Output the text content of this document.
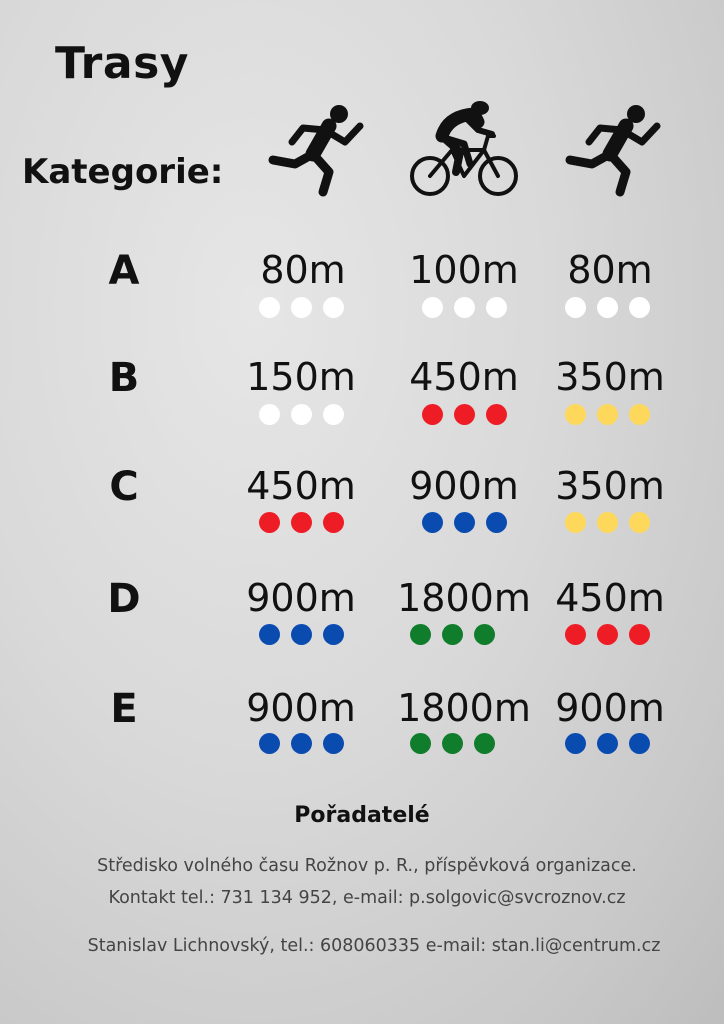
Trasy
Kategorie:
A	80m	100m	80m
B	150m	450m 350m
C	450m	900m 350m
D	900m	1800m 450m
E	900m	1800m 900m
Pořadatelé
Středisko volného času Rožnov p. R., příspěvková organizace.
Kontakt tel.: 731 134 952, e-mail: p.solgovic@svcroznov.cz
Stanislav Lichnovský, tel.: 608060335 e-mail: stan.li@centrum.cz
